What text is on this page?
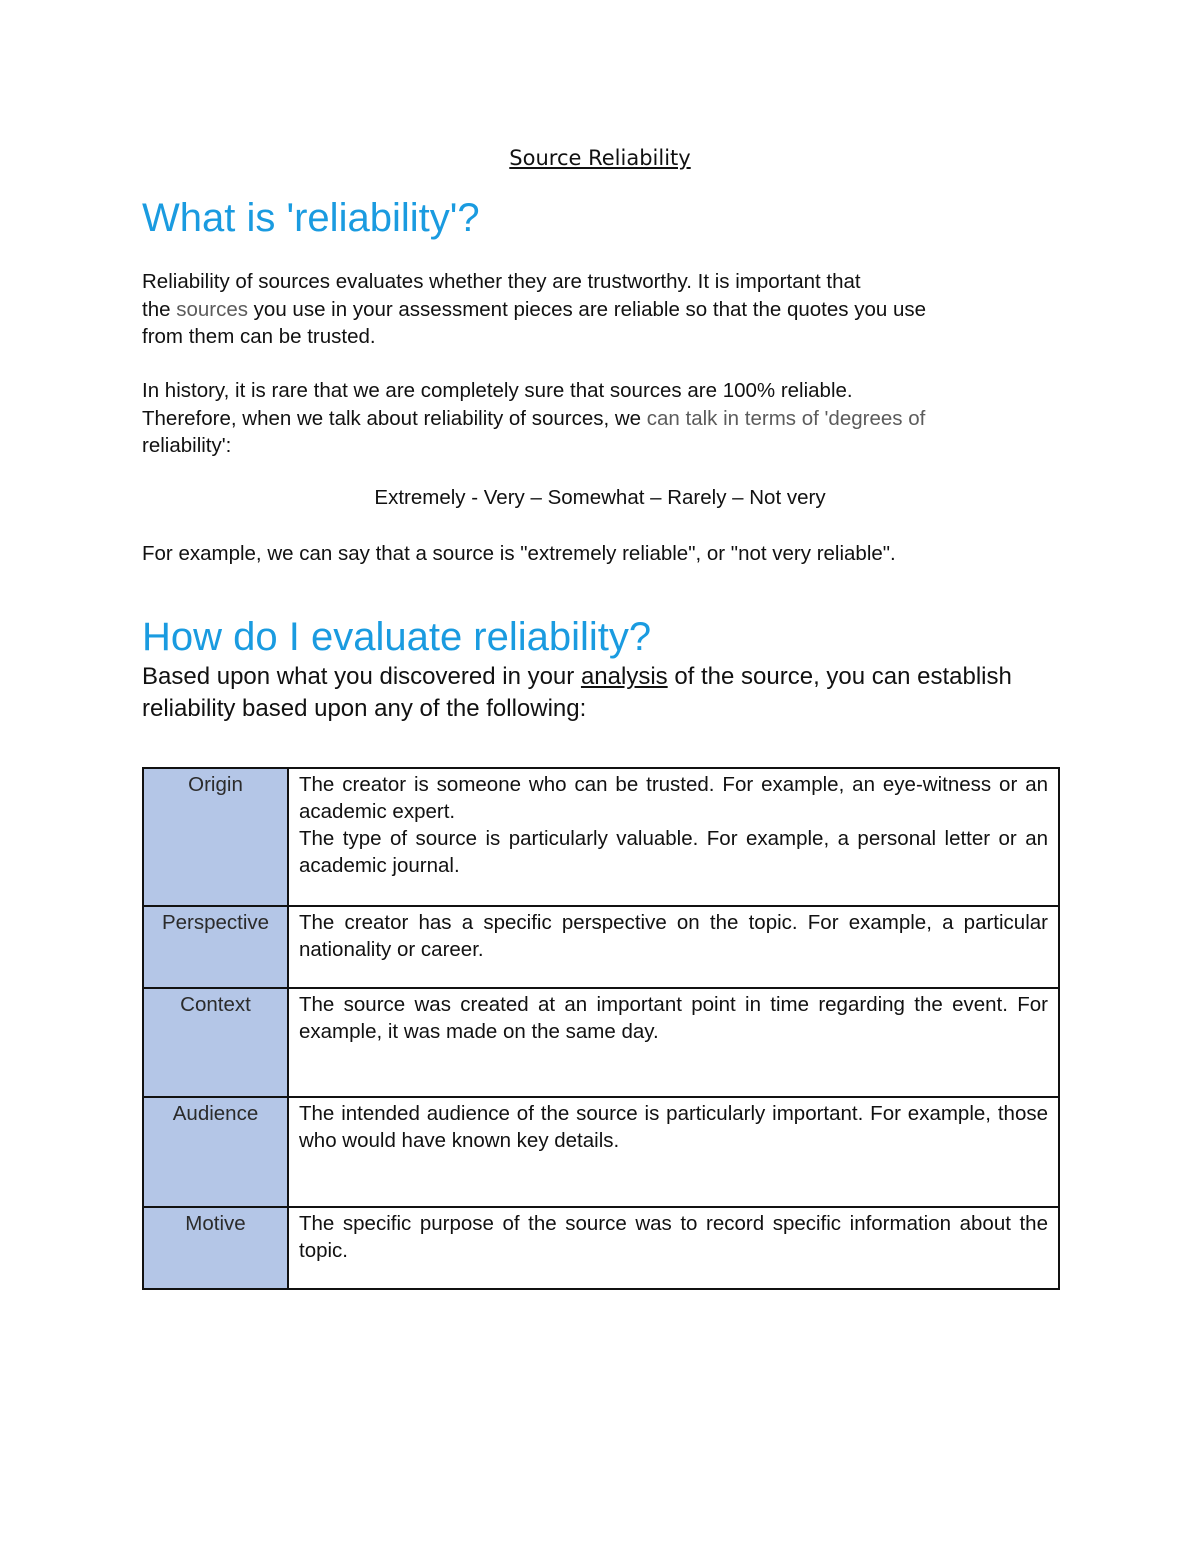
Source Reliability
What is 'reliability'?
Reliability of sources evaluates whether they are trustworthy. It is important that
the sources you use in your assessment pieces are reliable so that the quotes you use
from them can be trusted.
In history, it is rare that we are completely sure that sources are 100% reliable.
Therefore, when we talk about reliability of sources, we can talk in terms of 'degrees of
reliability':
Extremely - Very – Somewhat – Rarely – Not very
For example, we can say that a source is "extremely reliable", or "not very reliable".
How do I evaluate reliability?

Based upon what you discovered in your analysis of the source, you can establish reliability based upon any of the following:

Origin	The creator is someone who can be trusted. For example, an eye-witness or an academic expert.
The type of source is particularly valuable. For example, a personal letter or an academic journal.

Perspective	The creator has a specific perspective on the topic. For example, a particular nationality or career.

Context	The source was created at an important point in time regarding the event. For example, it was made on the same day.

Audience	The intended audience of the source is particularly important. For example, those who would have known key details.

Motive	The specific purpose of the source was to record specific information about the topic.
